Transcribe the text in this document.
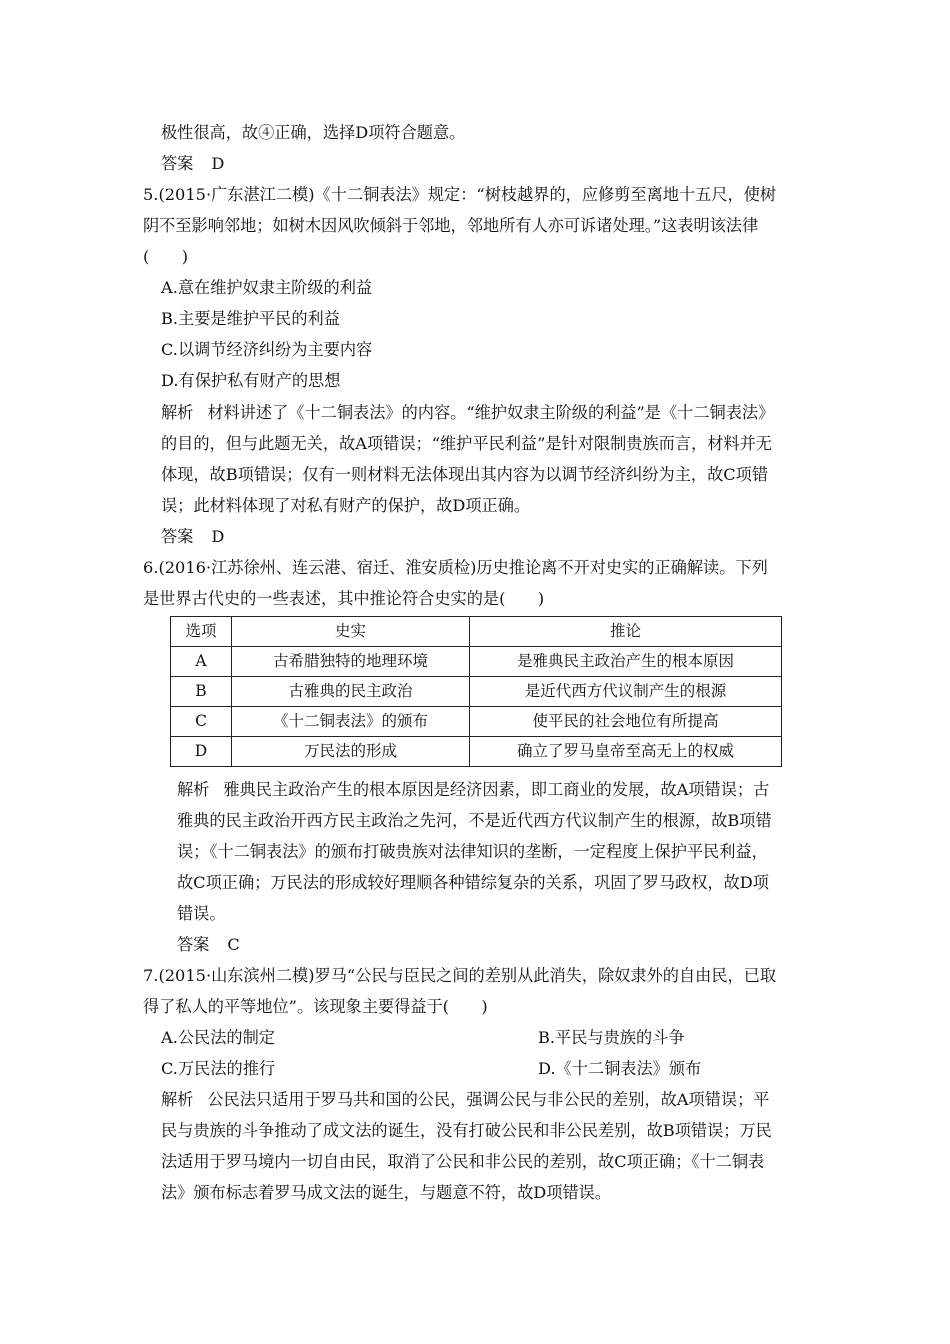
极性很高，故④正确，选择D项符合题意。
答案 D
5.(2015·广东湛江二模)《十二铜表法》规定：“树枝越界的，应修剪至离地十五尺，使树
阴不至影响邻地；如树木因风吹倾斜于邻地，邻地所有人亦可诉诸处理。”这表明该法律
(　　)
A.意在维护奴隶主阶级的利益
B.主要是维护平民的利益
C.以调节经济纠纷为主要内容
D.有保护私有财产的思想
解析 材料讲述了《十二铜表法》的内容。“维护奴隶主阶级的利益”是《十二铜表法》
的目的，但与此题无关，故A项错误；“维护平民利益”是针对限制贵族而言，材料并无
体现，故B项错误；仅有一则材料无法体现出其内容为以调节经济纠纷为主，故C项错
误；此材料体现了对私有财产的保护，故D项正确。
答案 D
6.(2016·江苏徐州、连云港、宿迁、淮安质检)历史推论离不开对史实的正确解读。下列
是世界古代史的一些表述，其中推论符合史实的是(　　)
选项	史实	推论
A	古希腊独特的地理环境	是雅典民主政治产生的根本原因
B	古雅典的民主政治	是近代西方代议制产生的根源
C	《十二铜表法》的颁布	使平民的社会地位有所提高
D	万民法的形成	确立了罗马皇帝至高无上的权威
解析 雅典民主政治产生的根本原因是经济因素，即工商业的发展，故A项错误；古
雅典的民主政治开西方民主政治之先河，不是近代西方代议制产生的根源，故B项错
误；《十二铜表法》的颁布打破贵族对法律知识的垄断，一定程度上保护平民利益，
故C项正确；万民法的形成较好理顺各种错综复杂的关系，巩固了罗马政权，故D项
错误。
答案 C
7.(2015·山东滨州二模)罗马“公民与臣民之间的差别从此消失，除奴隶外的自由民，已取
得了私人的平等地位”。该现象主要得益于(　　)
A.公民法的制定	B.平民与贵族的斗争
C.万民法的推行	D.《十二铜表法》颁布
解析 公民法只适用于罗马共和国的公民，强调公民与非公民的差别，故A项错误；平
民与贵族的斗争推动了成文法的诞生，没有打破公民和非公民差别，故B项错误；万民
法适用于罗马境内一切自由民，取消了公民和非公民的差别，故C项正确；《十二铜表
法》颁布标志着罗马成文法的诞生，与题意不符，故D项错误。
